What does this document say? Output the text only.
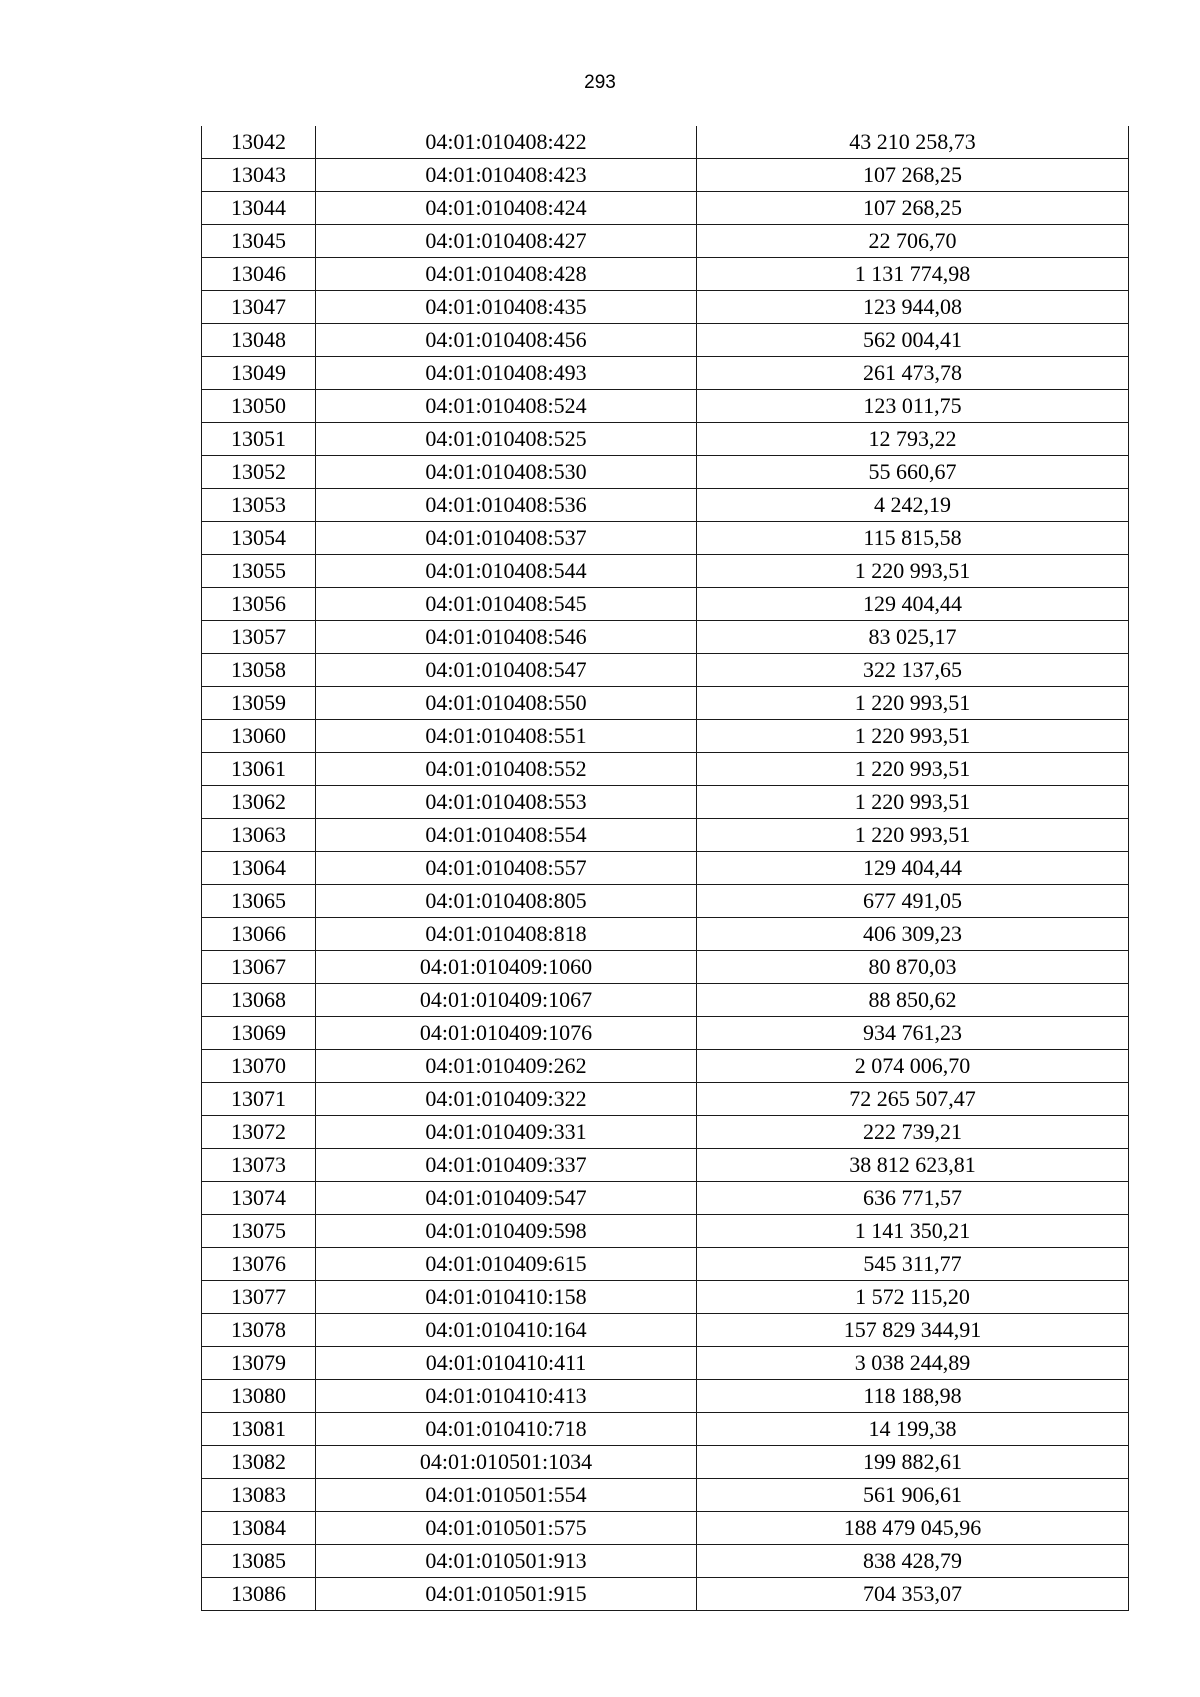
293
13042	04:01:010408:422	43 210 258,73
13043	04:01:010408:423	107 268,25
13044	04:01:010408:424	107 268,25
13045	04:01:010408:427	22 706,70
13046	04:01:010408:428	1 131 774,98
13047	04:01:010408:435	123 944,08
13048	04:01:010408:456	562 004,41
13049	04:01:010408:493	261 473,78
13050	04:01:010408:524	123 011,75
13051	04:01:010408:525	12 793,22
13052	04:01:010408:530	55 660,67
13053	04:01:010408:536	4 242,19
13054	04:01:010408:537	115 815,58
13055	04:01:010408:544	1 220 993,51
13056	04:01:010408:545	129 404,44
13057	04:01:010408:546	83 025,17
13058	04:01:010408:547	322 137,65
13059	04:01:010408:550	1 220 993,51
13060	04:01:010408:551	1 220 993,51
13061	04:01:010408:552	1 220 993,51
13062	04:01:010408:553	1 220 993,51
13063	04:01:010408:554	1 220 993,51
13064	04:01:010408:557	129 404,44
13065	04:01:010408:805	677 491,05
13066	04:01:010408:818	406 309,23
13067	04:01:010409:1060	80 870,03
13068	04:01:010409:1067	88 850,62
13069	04:01:010409:1076	934 761,23
13070	04:01:010409:262	2 074 006,70
13071	04:01:010409:322	72 265 507,47
13072	04:01:010409:331	222 739,21
13073	04:01:010409:337	38 812 623,81
13074	04:01:010409:547	636 771,57
13075	04:01:010409:598	1 141 350,21
13076	04:01:010409:615	545 311,77
13077	04:01:010410:158	1 572 115,20
13078	04:01:010410:164	157 829 344,91
13079	04:01:010410:411	3 038 244,89
13080	04:01:010410:413	118 188,98
13081	04:01:010410:718	14 199,38
13082	04:01:010501:1034	199 882,61
13083	04:01:010501:554	561 906,61
13084	04:01:010501:575	188 479 045,96
13085	04:01:010501:913	838 428,79
13086	04:01:010501:915	704 353,07
